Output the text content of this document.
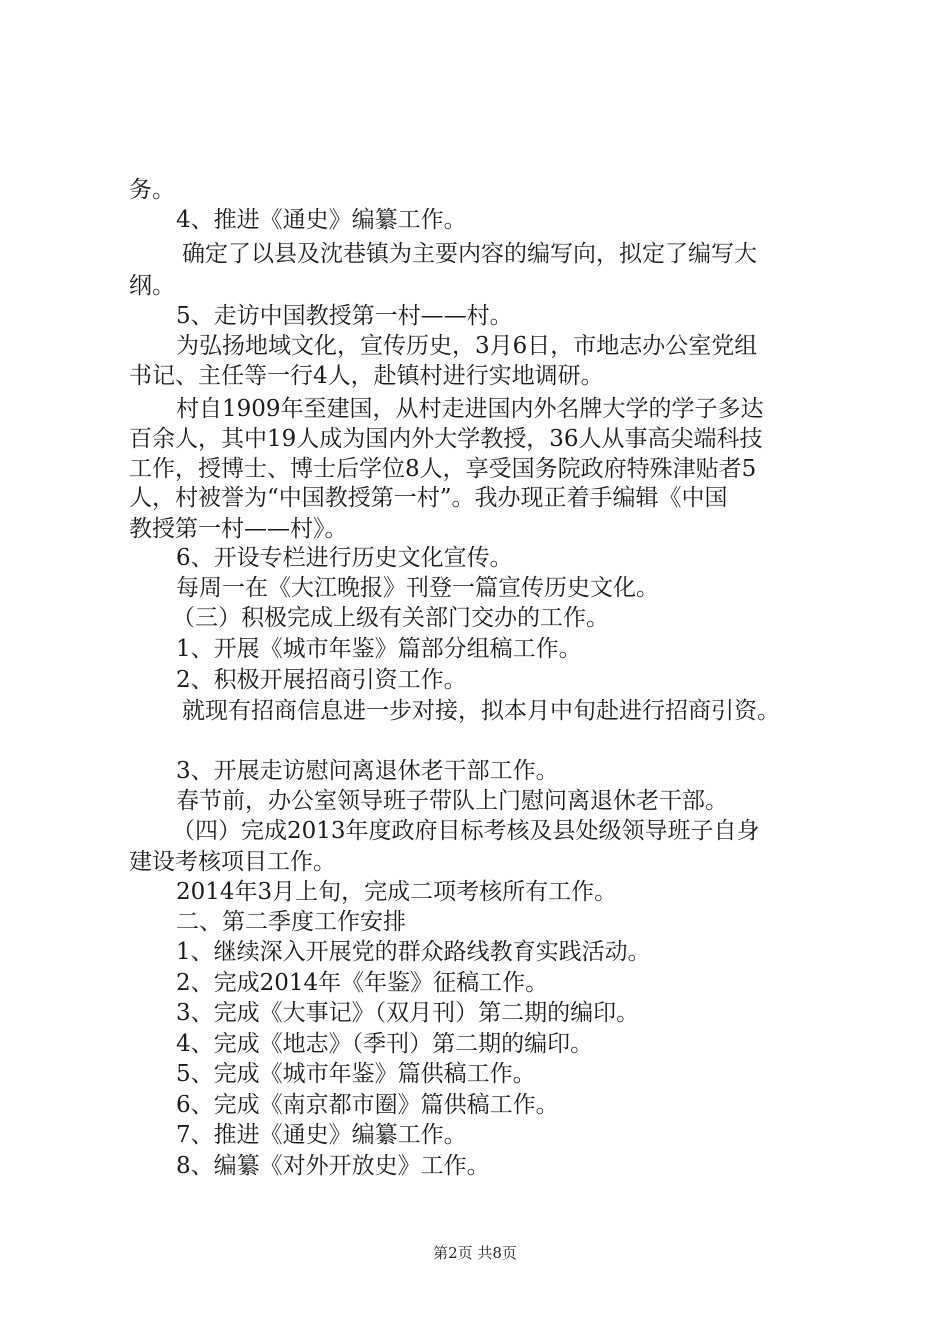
务。
4、推进《通史》编纂工作。
确定了以县及沈巷镇为主要内容的编写向，拟定了编写大
纲。
5、走访中国教授第一村——村。
为弘扬地域文化，宣传历史，3月6日，市地志办公室党组
书记、主任等一行4人，赴镇村进行实地调研。
村自1909年至建国，从村走进国内外名牌大学的学子多达
百余人，其中19人成为国内外大学教授，36人从事高尖端科技
工作，授博士、博士后学位8人，享受国务院政府特殊津贴者5
人，村被誉为“中国教授第一村”。我办现正着手编辑《中国
教授第一村——村》。
6、开设专栏进行历史文化宣传。
每周一在《大江晚报》刊登一篇宣传历史文化。
（三）积极完成上级有关部门交办的工作。
1、开展《城市年鉴》篇部分组稿工作。
2、积极开展招商引资工作。
就现有招商信息进一步对接，拟本月中旬赴进行招商引资。
3、开展走访慰问离退休老干部工作。
春节前，办公室领导班子带队上门慰问离退休老干部。
（四）完成2013年度政府目标考核及县处级领导班子自身
建设考核项目工作。
2014年3月上旬，完成二项考核所有工作。
二、第二季度工作安排
1、继续深入开展党的群众路线教育实践活动。
2、完成2014年《年鉴》征稿工作。
3、完成《大事记》（双月刊）第二期的编印。
4、完成《地志》（季刊）第二期的编印。
5、完成《城市年鉴》篇供稿工作。
6、完成《南京都市圈》篇供稿工作。
7、推进《通史》编纂工作。
8、编纂《对外开放史》工作。
第2页 共8页
